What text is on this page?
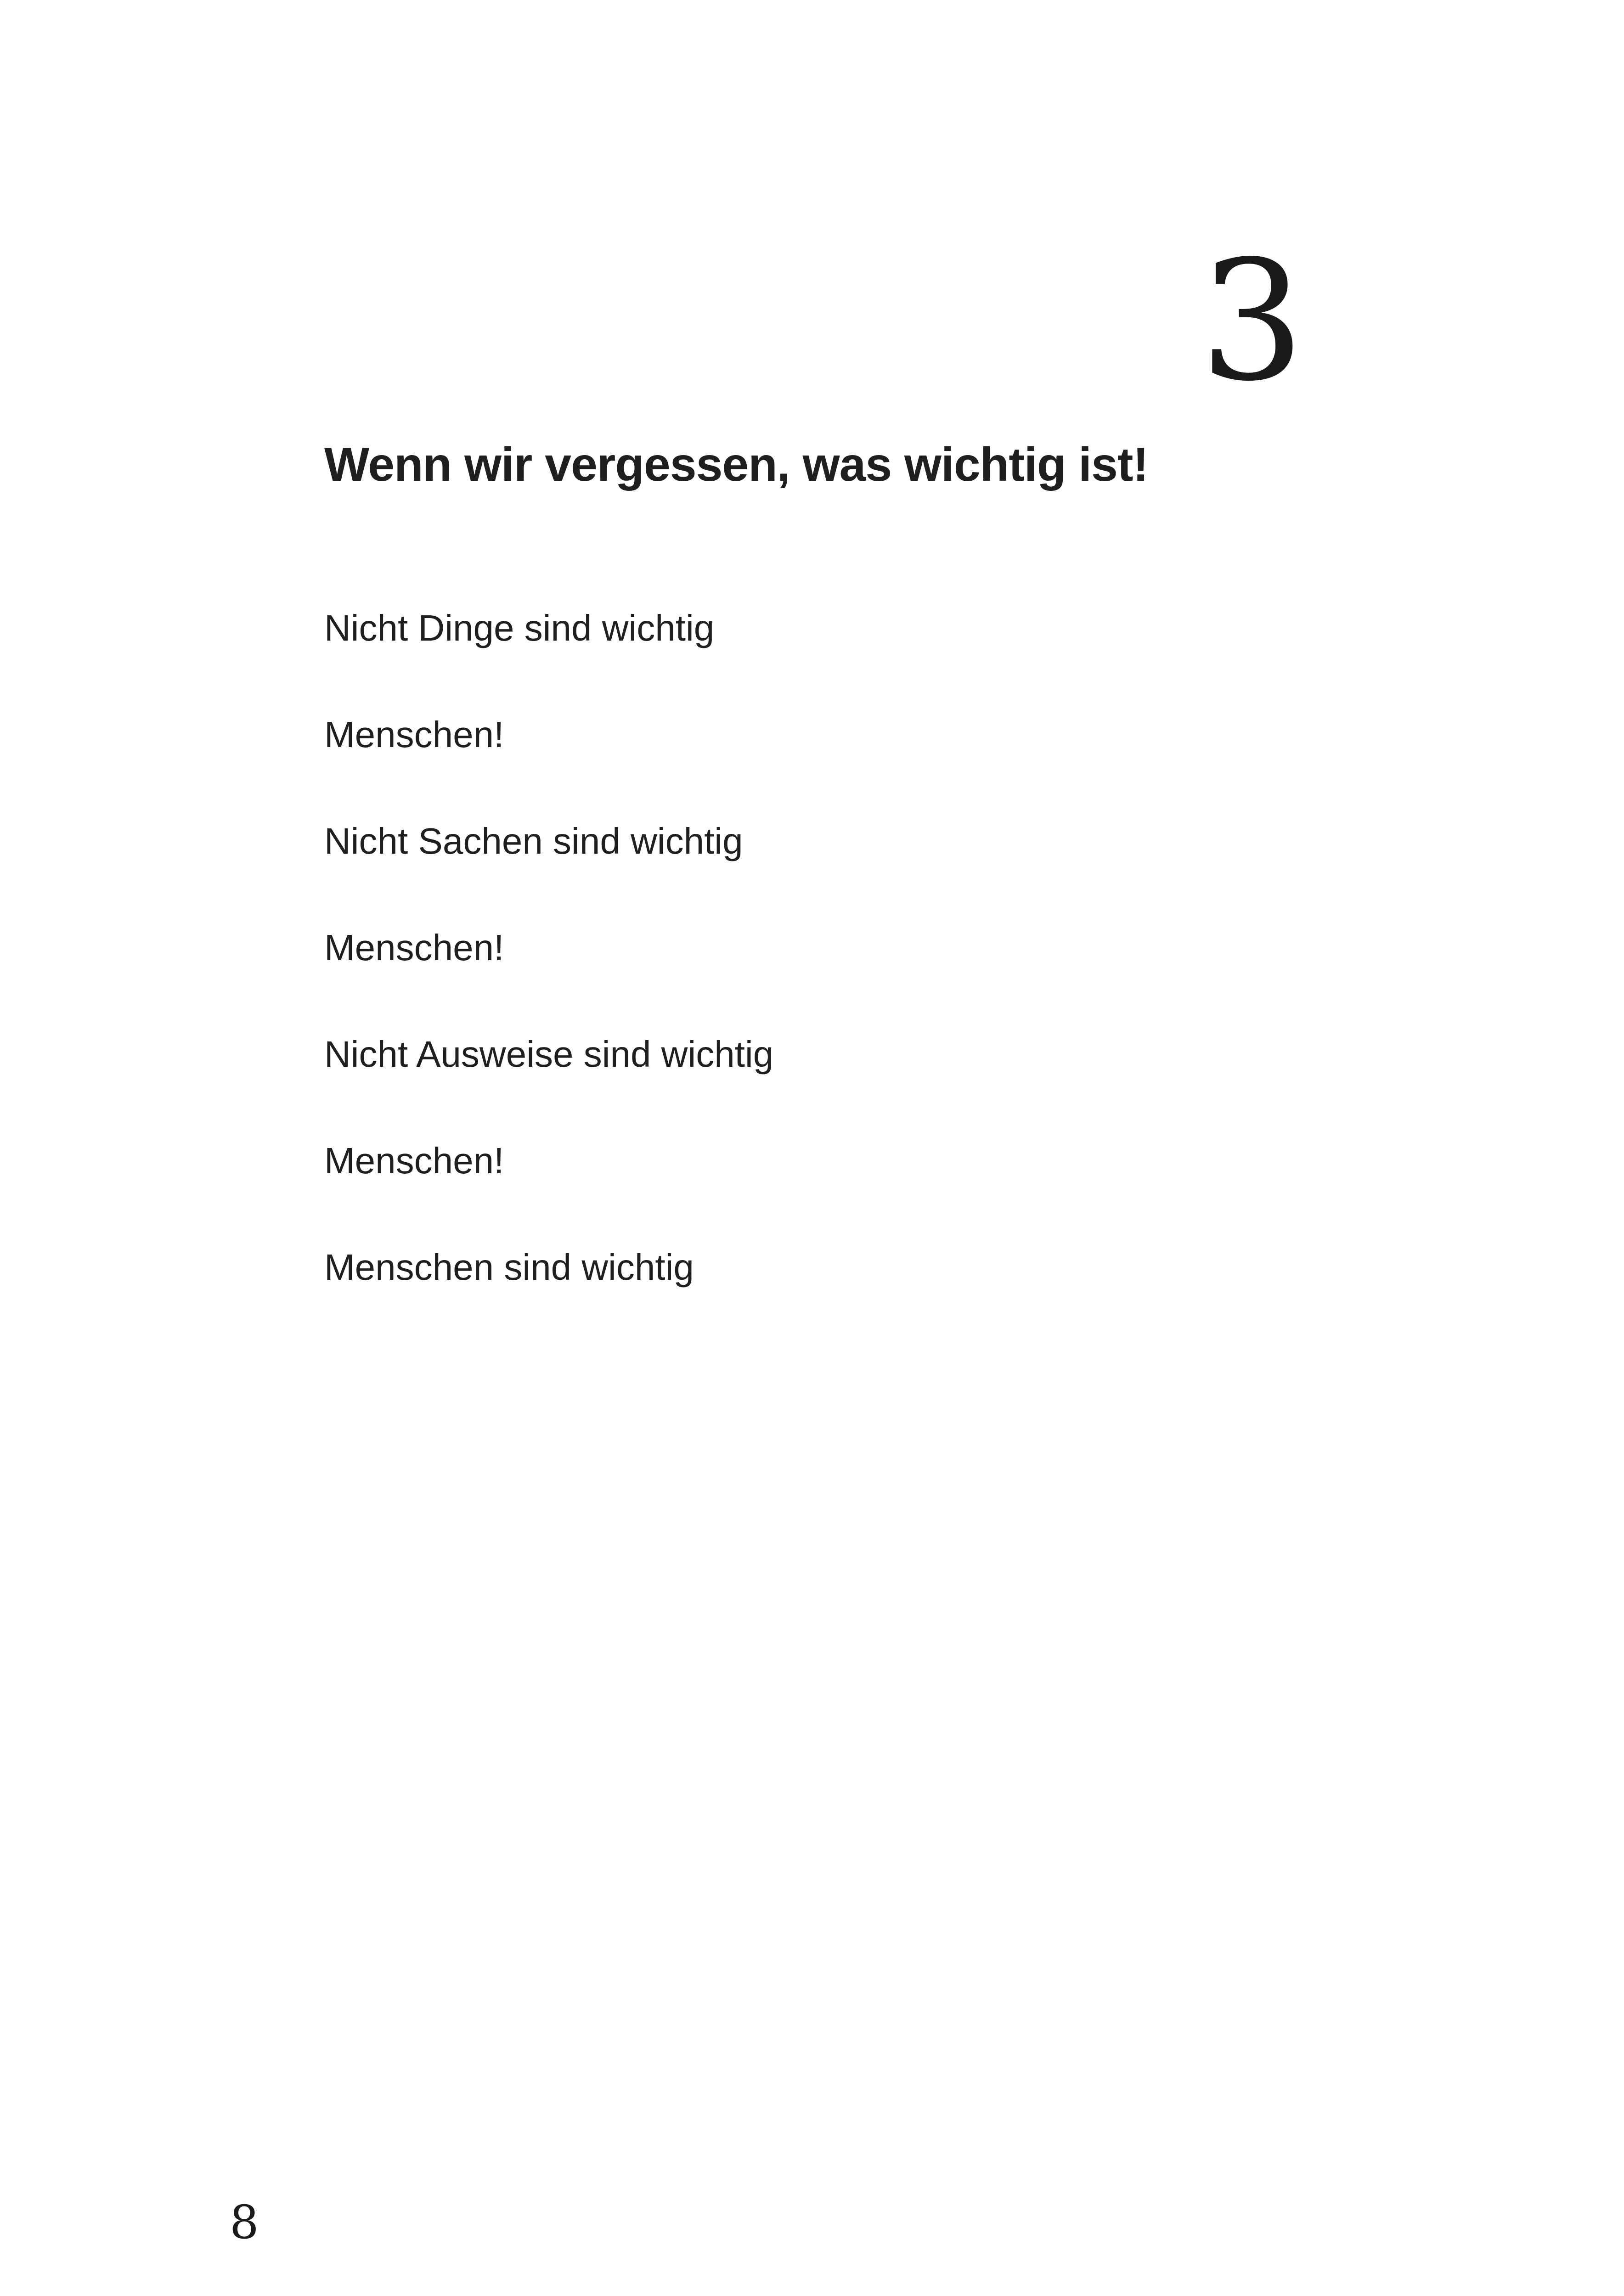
3
Wenn wir vergessen, was wichtig ist!
Nicht Dinge sind wichtig
Menschen!
Nicht Sachen sind wichtig
Menschen!
Nicht Ausweise sind wichtig
Menschen!
Menschen sind wichtig
8
